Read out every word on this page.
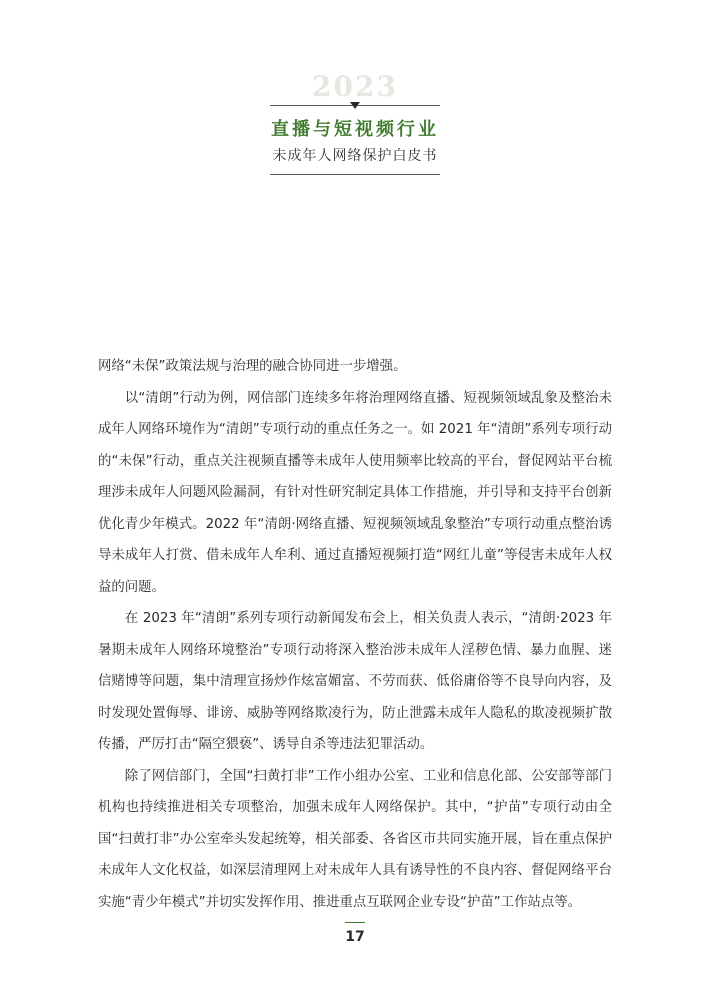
2023
直播与短视频行业
未成年人网络保护白皮书

网络“未保”政策法规与治理的融合协同进一步增强。

以“清朗”行动为例，网信部门连续多年将治理网络直播、短视频领域乱象及整治未成年人网络环境作为“清朗”专项行动的重点任务之一。如 2021 年“清朗”系列专项行动的“未保”行动，重点关注视频直播等未成年人使用频率比较高的平台，督促网站平台梳理涉未成年人问题风险漏洞，有针对性研究制定具体工作措施，并引导和支持平台创新优化青少年模式。2022 年“清朗·网络直播、短视频领域乱象整治”专项行动重点整治诱导未成年人打赏、借未成年人牟利、通过直播短视频打造“网红儿童”等侵害未成年人权益的问题。

在 2023 年“清朗”系列专项行动新闻发布会上，相关负责人表示，“清朗·2023 年暑期未成年人网络环境整治”专项行动将深入整治涉未成年人淫秽色情、暴力血腥、迷信赌博等问题，集中清理宣扬炒作炫富媚富、不劳而获、低俗庸俗等不良导向内容，及时发现处置侮辱、诽谤、威胁等网络欺凌行为，防止泄露未成年人隐私的欺凌视频扩散传播，严厉打击“隔空猥亵”、诱导自杀等违法犯罪活动。

除了网信部门，全国“扫黄打非”工作小组办公室、工业和信息化部、公安部等部门机构也持续推进相关专项整治，加强未成年人网络保护。其中，“护苗”专项行动由全国“扫黄打非”办公室牵头发起统筹，相关部委、各省区市共同实施开展，旨在重点保护未成年人文化权益，如深层清理网上对未成年人具有诱导性的不良内容、督促网络平台实施“青少年模式”并切实发挥作用、推进重点互联网企业专设“护苗”工作站点等。

17
